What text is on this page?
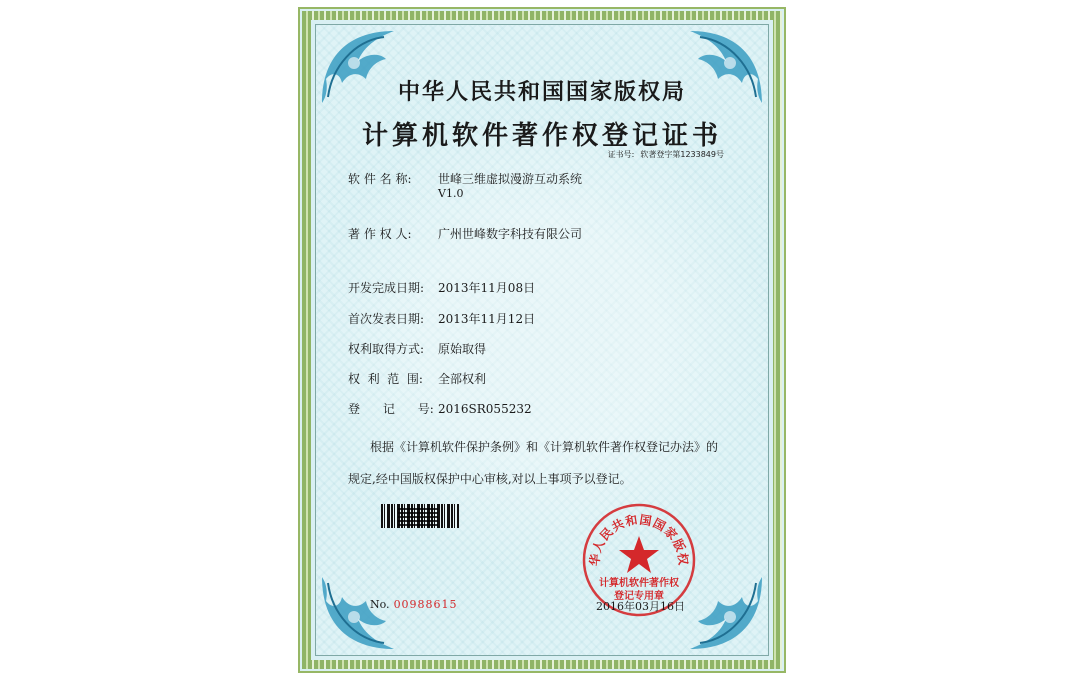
中华人民共和国国家版权局
计算机软件著作权登记证书
证书号: 软著登字第1233849号
软 件 名 称: 世峰三维虚拟漫游互动系统
V1.0
著 作 权 人: 广州世峰数字科技有限公司
开发完成日期: 2013年11月08日
首次发表日期: 2013年11月12日
权利取得方式: 原始取得
权  利  范  围: 全部权利
登      记      号: 2016SR055232
根据《计算机软件保护条例》和《计算机软件著作权登记办法》的
规定,经中国版权保护中心审核,对以上事项予以登记。
华人民共和国国家版权
计算机软件著作权
登记专用章
No. 00988615	2016年03月16日
